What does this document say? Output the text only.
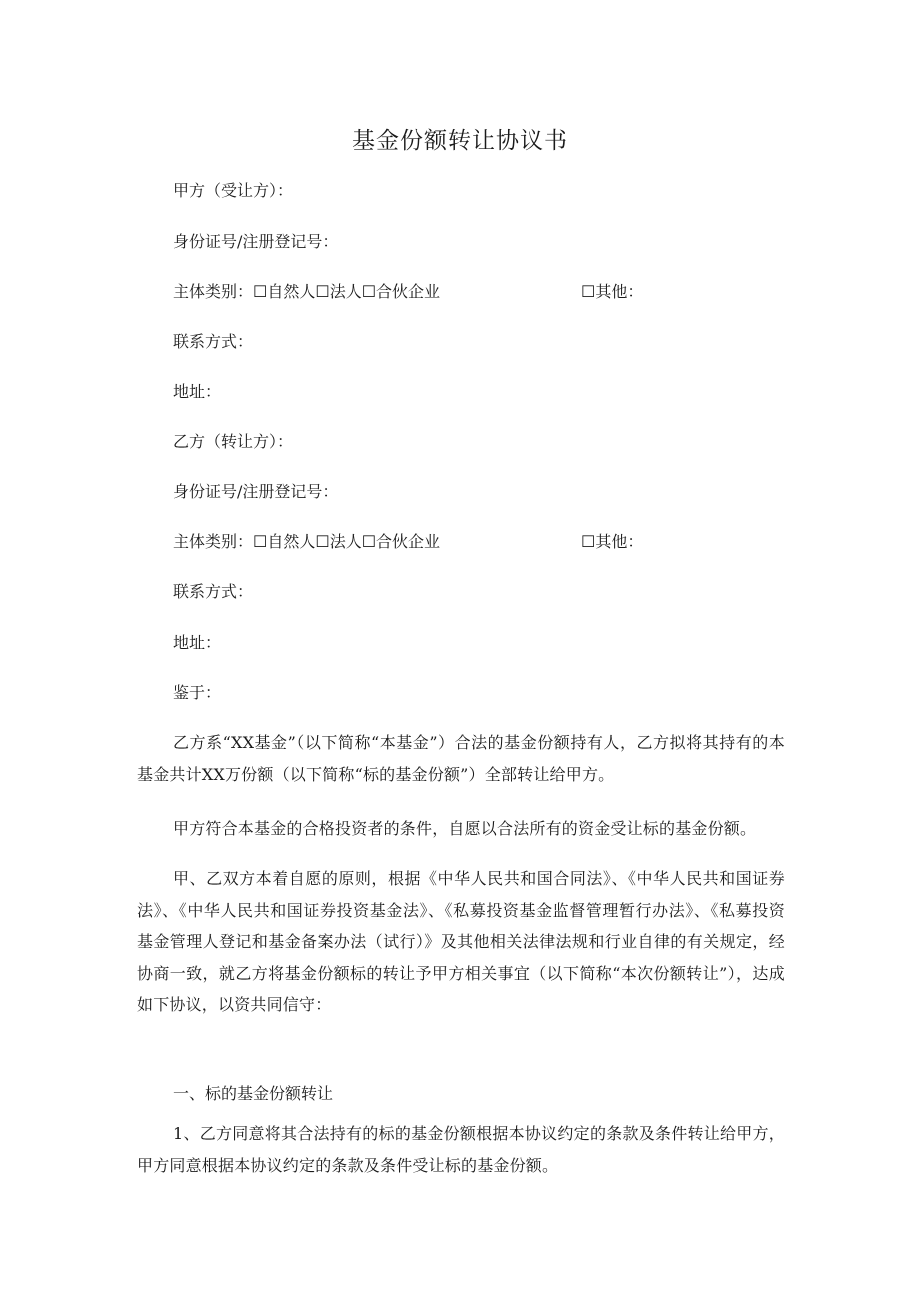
基金份额转让协议书
甲方（受让方）：
身份证号/注册登记号：
主体类别：☐自然人☐法人☐合伙企业	☐其他：
联系方式：
地址：
乙方（转让方）：
身份证号/注册登记号：
主体类别：☐自然人☐法人☐合伙企业	☐其他：
联系方式：
地址：
鉴于：
乙方系“XX基金”（以下简称“本基金”）合法的基金份额持有人，乙方拟将其持有的本基金共计XX万份额（以下简称“标的基金份额”）全部转让给甲方。
甲方符合本基金的合格投资者的条件，自愿以合法所有的资金受让标的基金份额。
甲、乙双方本着自愿的原则，根据《中华人民共和国合同法》、《中华人民共和国证券法》、《中华人民共和国证券投资基金法》、《私募投资基金监督管理暂行办法》、《私募投资基金管理人登记和基金备案办法（试行）》及其他相关法律法规和行业自律的有关规定，经协商一致，就乙方将基金份额标的转让予甲方相关事宜（以下简称“本次份额转让”），达成如下协议，以资共同信守：
一、标的基金份额转让
1、乙方同意将其合法持有的标的基金份额根据本协议约定的条款及条件转让给甲方，甲方同意根据本协议约定的条款及条件受让标的基金份额。
